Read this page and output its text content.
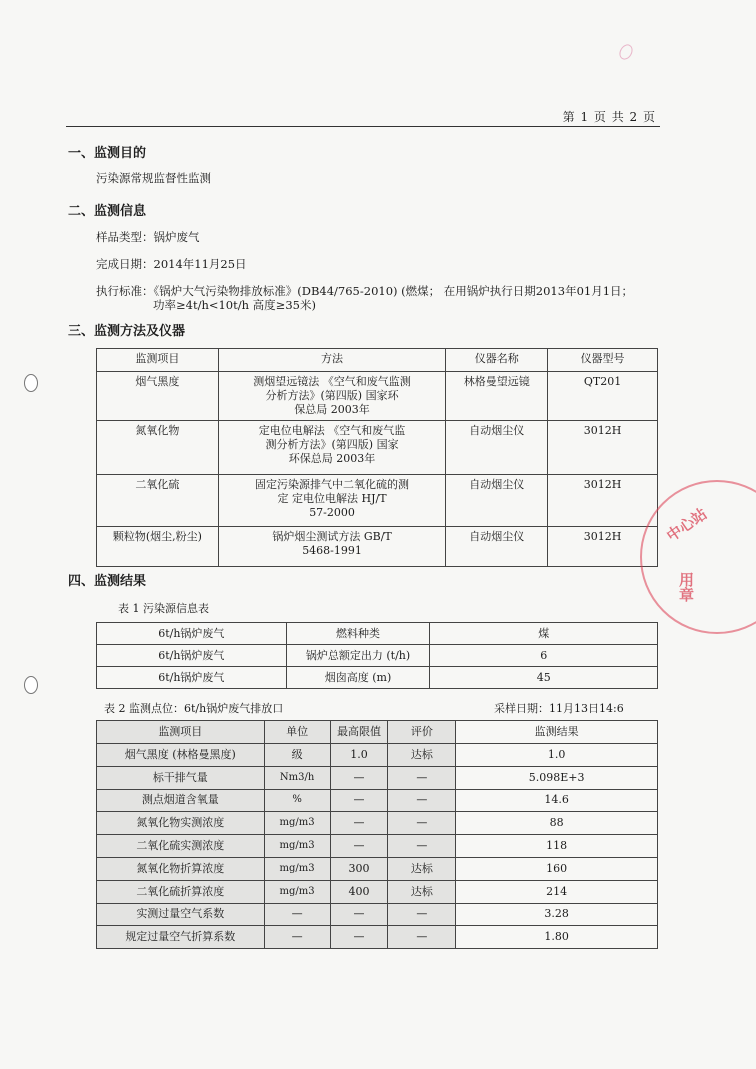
第 1 页 共 2 页
一、监测目的
污染源常规监督性监测
二、监测信息
样品类型：锅炉废气
完成日期：2014年11月25日
执行标准：《锅炉大气污染物排放标准》(DB44/765-2010) (燃煤； 在用锅炉执行日期2013年01月1日；
功率≥4t/h<10t/h 高度≥35米)
三、监测方法及仪器
监测项目	方法	仪器名称	仪器型号
烟气黑度	测烟望远镜法 《空气和废气监测
分析方法》(第四版) 国家环
保总局 2003年	林格曼望远镜	QT201
氮氧化物	定电位电解法 《空气和废气监
测分析方法》(第四版) 国家
环保总局 2003年	自动烟尘仪	3012H
二氧化硫	固定污染源排气中二氧化硫的测
定 定电位电解法 HJ/T
57-2000	自动烟尘仪	3012H
颗粒物(烟尘,粉尘)	锅炉烟尘测试方法 GB/T
5468-1991	自动烟尘仪	3012H
四、监测结果
表 1 污染源信息表
6t/h锅炉废气	燃料种类	煤
6t/h锅炉废气	锅炉总额定出力 (t/h)	6
6t/h锅炉废气	烟囱高度 (m)	45
表 2 监测点位：6t/h锅炉废气排放口	采样日期：11月13日14:6
监测项目	单位	最高限值	评价	监测结果
烟气黑度 (林格曼黑度)	级	1.0	达标	1.0
标干排气量	Nm3/h	—	—	5.098E+3
测点烟道含氧量	%	—	—	14.6
氮氧化物实测浓度	mg/m3	—	—	88
二氧化硫实测浓度	mg/m3	—	—	118
氮氧化物折算浓度	mg/m3	300	达标	160
二氧化硫折算浓度	mg/m3	400	达标	214
实测过量空气系数	—	—	—	3.28
规定过量空气折算系数	—	—	—	1.80
中心站
用章
